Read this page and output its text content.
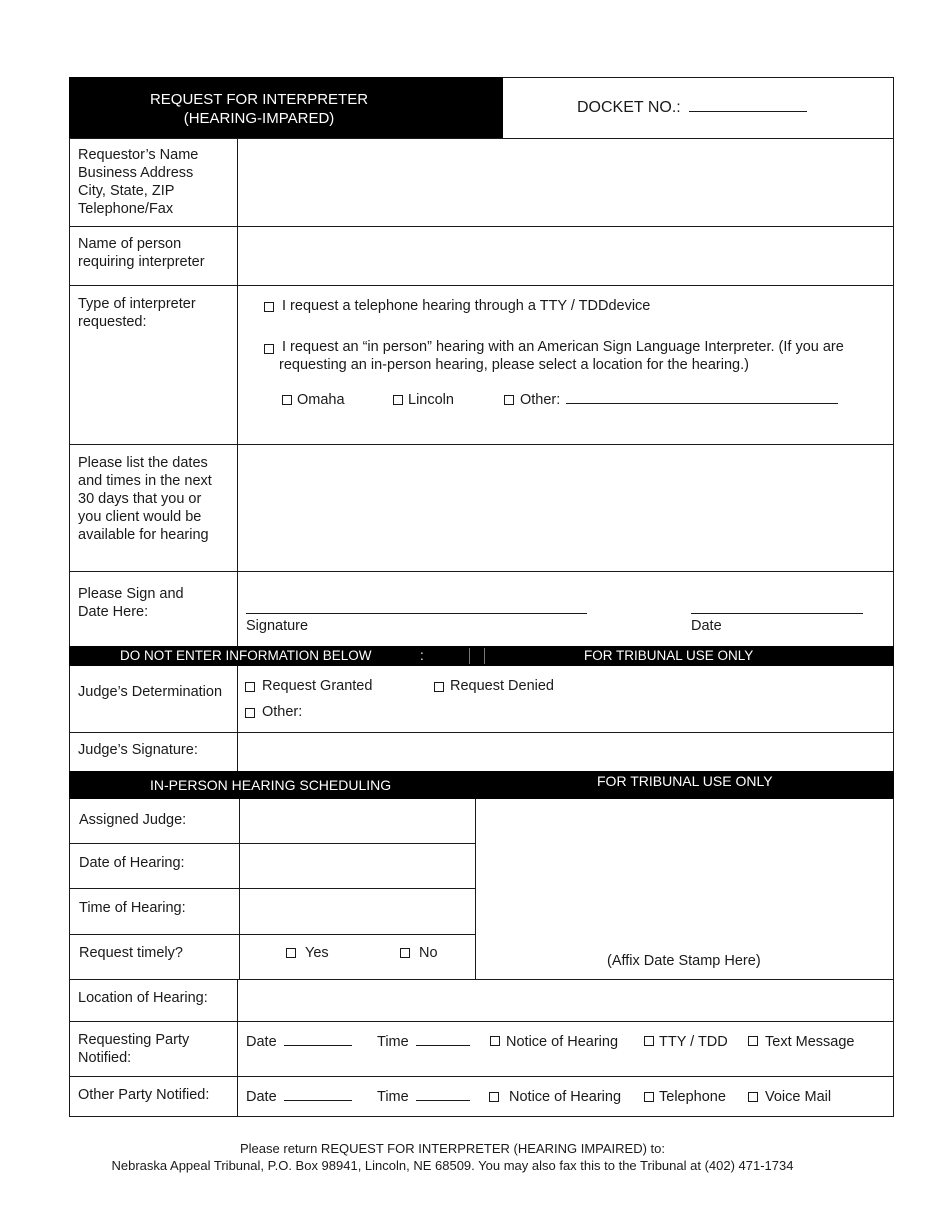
REQUEST FOR INTERPRETER
(HEARING-IMPARED)
DOCKET NO.:
Requestor’s Name
Business Address
City, State, ZIP
Telephone/Fax
Name of person
requiring interpreter
Type of interpreter
requested:
I request a telephone hearing through a TTY / TDDdevice
I request an “in person” hearing with an American Sign Language Interpreter. (If you are
requesting an in-person hearing, please select a location for the hearing.)
Omaha	Lincoln	Other:
Please list the dates
and times in the next
30 days that you or
you client would be
available for hearing
Please Sign and
Date Here:
Signature	Date
DO NOT ENTER INFORMATION BELOW	:	FOR TRIBUNAL USE ONLY
Judge’s Determination	Request Granted	Request Denied
Other:
Judge’s Signature:
IN-PERSON HEARING SCHEDULING	FOR TRIBUNAL USE ONLY
Assigned Judge:
Date of Hearing:
Time of Hearing:
Request timely?	Yes	No	(Affix Date Stamp Here)
Location of Hearing:
Requesting Party
Notified:
Date	Time	Notice of Hearing	TTY / TDD	Text Message
Other Party Notified:	Date	Time	Notice of Hearing	Telephone	Voice Mail
Please return REQUEST FOR INTERPRETER (HEARING IMPAIRED) to:
Nebraska Appeal Tribunal, P.O. Box 98941, Lincoln, NE 68509. You may also fax this to the Tribunal at (402) 471-1734
